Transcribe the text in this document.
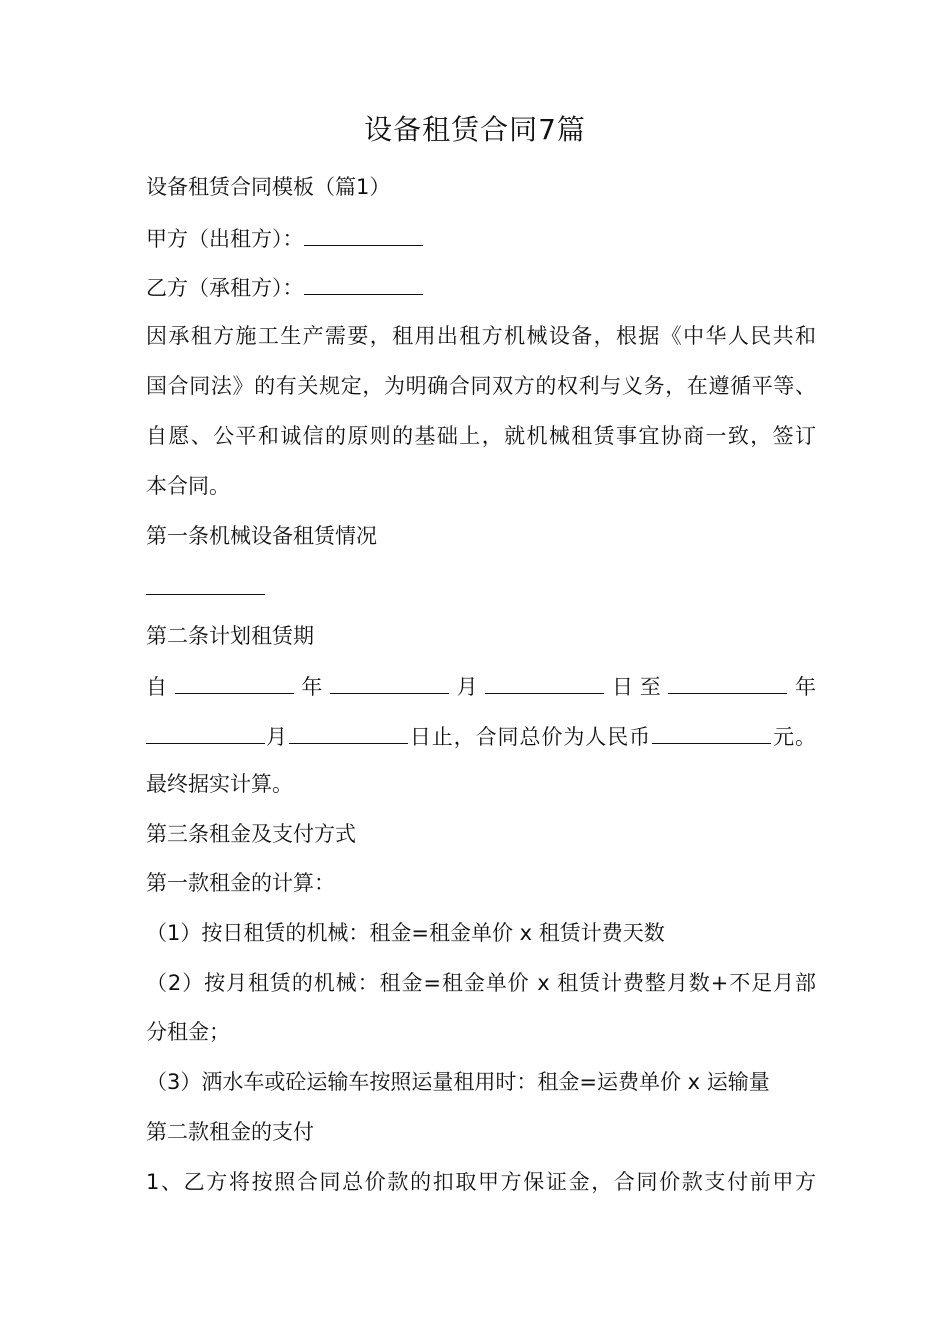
设备租赁合同7篇
设备租赁合同模板（篇1）
甲方（出租方）：
乙方（承租方）：
因承租方施工生产需要，租用出租方机械设备，根据《中华人民共和
国合同法》的有关规定，为明确合同双方的权利与义务，在遵循平等、
自愿、公平和诚信的原则的基础上，就机械租赁事宜协商一致，签订
本合同。
第一条机械设备租赁情况
第二条计划租赁期
自	年	月	日至	年
月	日止，合同总价为人民币	元。
最终据实计算。
第三条租金及支付方式
第一款租金的计算：
（1）按日租赁的机械：租金=租金单价 x 租赁计费天数
（2）按月租赁的机械：租金=租金单价 x 租赁计费整月数+不足月部
分租金；
（3）洒水车或砼运输车按照运量租用时：租金=运费单价 x 运输量
第二款租金的支付
1、乙方将按照合同总价款的扣取甲方保证金，合同价款支付前甲方
